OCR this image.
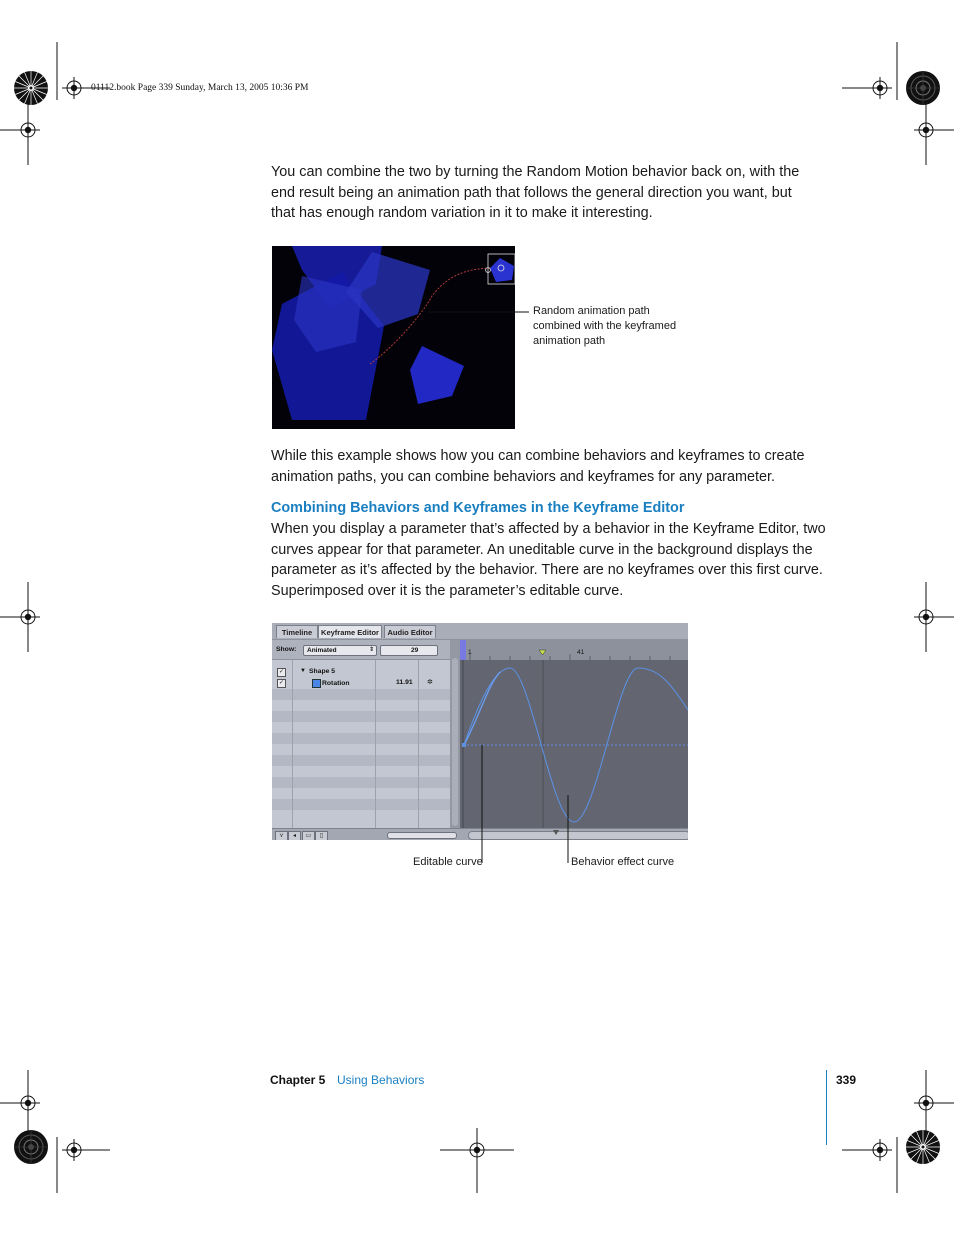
01112.book Page 339 Sunday, March 13, 2005 10:36 PM
You can combine the two by turning the Random Motion behavior back on, with the
end result being an animation path that follows the general direction you want, but
that has enough random variation in it to make it interesting.
Random animation path
combined with the keyframed
animation path
While this example shows how you can combine behaviors and keyframes to create
animation paths, you can combine behaviors and keyframes for any parameter.
Combining Behaviors and Keyframes in the Keyframe Editor
When you display a parameter that’s affected by a behavior in the Keyframe Editor, two
curves appear for that parameter. An uneditable curve in the background displays the
parameter as it’s affected by the behavior. There are no keyframes over this first curve.
Superimposed over it is the parameter’s editable curve.
Timeline	Keyframe Editor	Audio Editor
Show: Animated	⇕	29
✓	▼ Shape 5
✓	Rotation	11.91 ✲
1	41
⋎	◂	▭	▯
Editable curve	Behavior effect curve
Chapter 5 Using Behaviors	339
